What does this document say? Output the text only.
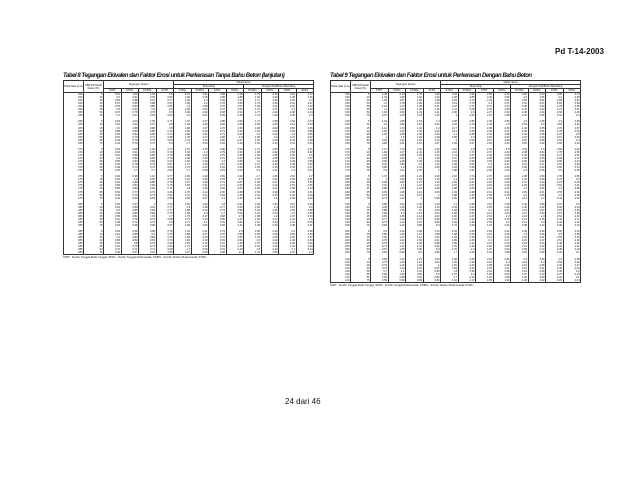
Pd T-14-2003
Tabel 8 Tegangan Ekivalen dan Faktor Erosi untuk Perkerasan Tanpa Bahu Beton (lanjutan)
Tebal Slab (mm)	CBR Eff Tanah Dasar (%)	Tegangan Setara				Faktor Erosi							
						Tanpa Ruji				Dengan Ruji/Beton Bertulang			
		STRT	STRG	STdRG	STRT	STRG	STdRG	STRT	STRG	STdRG	STRG	STRT	STRG
260	5	0.61	1.03	1.54	0.8	2.21	2.41	2.88	2.18	1.79	2.43	2.93	2.77
260	10	0.6	0.91	0.93	0.83	1.99	2.26	2.88	1.88	1.66	2.39	2.45	2.45
260	15	0.59	0.88	0.97	0.77	1.93	2.2	2.81	1.97	1.71	2.36	2.65	2.4
260	20	0.57	0.86	0.88	0.67	1.96	2.2	2.78	2.65	1.79	2.33	2.61	2.67
260	25	0.53	0.84	0.86	0.65	1.9	2.08	2.75	2.57	1.65	2.31	2.61	2.53
260	35	0.5	0.64	0.8	0.6	1.86	2.04	2.72	2.54	1.72	2.27	2.5	2.49
260	50	0.47	0.76	0.78	0.5	1.82	2.03	2.68	2.52	1.77	2.23	2.48	2.44
260	75	0.4	0.61	0.63	0.54	1.9	2.01	2.63	2.49	1.72	2.19	2.45	2.4

265	5	0.63	1.03	1.05	0.77	1.97	2.37	2.85	2.66	1.71	2.38	2.64	2.74
265	10	0.61	0.92	0.97	0.8	1.92	2.33	2.81	2.65	1.65	2.33	2.61	2.64
265	15	0.6	0.88	0.88	0.8	1.88	2.27	2.76	2.59	1.68	2.29	2.56	2.65
265	20	0.58	0.86	0.85	0.76	1.83	2.23	2.73	2.54	1.63	2.26	2.53	2.58
265	25	0.54	0.84	0.82	0.72	1.82	2.21	2.71	2.52	1.6	2.24	2.5	2.56
265	35	0.51	0.79	0.77	0.68	1.78	2.17	2.68	2.5	1.56	2.2	2.47	2.52
265	50	0.49	0.76	0.75	0.63	1.74	2.13	2.65	2.47	1.54	2.16	2.44	2.48
265	75	0.44	0.72	0.72	0.6	1.7	2.09	2.62	2.44	1.51	2.12	2.41	2.45

270	5	0.63	0.98	1.02	0.77	1.97	2.35	2.82	2.63	1.71	2.36	2.63	2.71
270	10	0.62	0.91	0.93	0.79	1.92	2.3	2.79	2.61	1.68	2.32	2.59	2.62
270	15	0.61	0.88	0.86	0.79	1.88	2.26	2.75	2.58	1.66	2.28	2.55	2.6
270	20	0.6	0.86	0.84	0.76	1.84	2.22	2.72	2.54	1.63	2.25	2.52	2.57
270	25	0.55	0.84	0.82	0.72	1.81	2.19	2.7	2.52	1.6	2.22	2.49	2.55
270	35	0.52	0.78	0.76	0.67	1.77	2.15	2.67	2.49	1.57	2.19	2.46	2.52
270	50	0.49	0.74	0.74	0.62	1.73	2.12	2.64	2.46	1.53	2.15	2.43	2.47
270	75	0.45	0.7	0.7	0.59	1.7	2.08	2.61	2.43	1.5	2.11	2.4	2.43

275	5	0.64	0.98	1.01	0.77	1.96	2.33	2.81	2.62	1.7	2.35	2.62	2.7
275	10	0.62	0.9	0.92	0.78	1.91	2.29	2.78	2.6	1.67	2.31	2.58	2.61
275	15	0.61	0.86	0.85	0.78	1.87	2.25	2.74	2.57	1.65	2.27	2.54	2.59
275	20	0.59	0.84	0.83	0.75	1.83	2.21	2.71	2.53	1.62	2.24	2.51	2.56
275	25	0.55	0.82	0.81	0.71	1.8	2.18	2.69	2.51	1.59	2.21	2.48	2.54
275	35	0.52	0.77	0.75	0.66	1.76	2.14	2.66	2.48	1.56	2.18	2.45	2.51
275	50	0.49	0.73	0.73	0.61	1.72	2.11	2.63	2.45	1.52	2.14	2.42	2.46
275	75	0.44	0.69	0.69	0.58	1.69	2.07	2.6	2.42	1.49	2.1	2.39	2.42

280	5	0.64	0.97	1	0.76	1.95	2.32	2.8	2.61	1.69	2.34	2.61	2.69
280	10	0.62	0.89	0.91	0.77	1.9	2.28	2.77	2.59	1.66	2.3	2.57	2.6
280	15	0.6	0.85	0.84	0.77	1.86	2.24	2.73	2.56	1.64	2.26	2.53	2.58
280	20	0.59	0.83	0.82	0.74	1.82	2.2	2.7	2.52	1.61	2.23	2.5	2.55
280	25	0.55	0.81	0.8	0.7	1.79	2.17	2.68	2.5	1.58	2.2	2.47	2.53
280	35	0.51	0.76	0.74	0.65	1.75	2.13	2.65	2.47	1.55	2.17	2.44	2.5
280	50	0.48	0.72	0.72	0.6	1.71	2.1	2.62	2.44	1.51	2.13	2.41	2.45
280	75	0.44	0.68	0.68	0.57	1.68	2.06	2.59	2.41	1.48	2.09	2.38	2.41

285	5	0.63	0.96	0.99	0.75	1.94	2.31	2.79	2.6	1.68	2.33	2.6	2.68
285	10	0.61	0.88	0.9	0.76	1.89	2.27	2.76	2.58	1.65	2.29	2.56	2.59
285	15	0.6	0.84	0.83	0.76	1.85	2.23	2.72	2.55	1.63	2.25	2.52	2.57
285	20	0.58	0.82	0.81	0.73	1.81	2.19	2.69	2.51	1.6	2.22	2.49	2.54
285	25	0.54	0.8	0.79	0.69	1.78	2.16	2.67	2.49	1.57	2.19	2.46	2.52
285	35	0.51	0.75	0.73	0.64	1.74	2.12	2.64	2.46	1.54	2.16	2.43	2.49
285	50	0.47	0.71	0.71	0.59	1.7	2.09	2.61	2.43	1.5	2.12	2.4	2.44
285	75	0.43	0.67	0.67	0.56	1.67	2.05	2.58	2.4	1.47	2.08	2.37	2.4
STRT : Sumbu Tunggal Roda Tunggal; STRG : Sumbu Tunggal Roda Ganda; STdRG : Sumbu Tandem Roda Ganda; STRG : ..
Tabel 9 Tegangan Ekivalen dan Faktor Erosi untuk Perkerasan Dengan Bahu Beton
Tebal Slab (mm)	CBR Eff Tanah Dasar (%)	Tegangan Setara				Faktor Erosi							
						Tanpa Ruji				Dengan Ruji/Beton Bertulang			
		STRT	STRG	STdRG	STRT	STRG	STdRG	STRT	STRG	STdRG	STRG	STRT	STRG
150	5	1.42	2.13	1.75	1.49	2.34	2.92	2.55	2.62	2.66	2.72	2.96	2.74
150	10	1.32	1.99	1.62	1.43	2.28	2.85	2.49	2.56	2.6	2.66	2.9	2.68
150	15	1.25	1.87	1.55	1.38	2.23	2.79	2.44	2.51	2.55	2.61	2.85	2.63
150	20	1.2	1.78	1.49	1.34	2.19	2.75	2.4	2.47	2.51	2.57	2.81	2.59
150	25	1.16	1.72	1.45	1.31	2.16	2.71	2.37	2.44	2.48	2.54	2.78	2.56
150	35	1.1	1.63	1.38	1.26	2.11	2.66	2.32	2.39	2.43	2.49	2.73	2.51
150	50	1.04	1.54	1.31	1.21	2.06	2.6	2.27	2.34	2.38	2.44	2.68	2.46
150	75	0.97	1.43	1.23	1.15	2	2.53	2.21	2.28	2.32	2.38	2.62	2.4

160	5	1.29	1.95	1.63	1.4	2.28	2.86	2.49	2.56	2.6	2.66	2.9	2.68
160	10	1.2	1.82	1.51	1.34	2.22	2.79	2.43	2.5	2.54	2.6	2.84	2.62
160	15	1.14	1.72	1.44	1.3	2.17	2.73	2.38	2.45	2.49	2.55	2.79	2.57
160	20	1.09	1.64	1.39	1.26	2.13	2.69	2.34	2.41	2.45	2.51	2.75	2.53
160	25	1.05	1.58	1.35	1.23	2.1	2.65	2.31	2.38	2.42	2.48	2.72	2.5
160	35	1	1.5	1.29	1.18	2.05	2.6	2.26	2.33	2.37	2.43	2.67	2.45
160	50	0.94	1.41	1.22	1.13	2	2.54	2.21	2.28	2.32	2.38	2.62	2.4
160	75	0.88	1.31	1.14	1.07	1.94	2.47	2.15	2.22	2.26	2.32	2.56	2.34

170	5	1.17	1.79	1.52	1.32	2.22	2.8	2.43	2.5	2.54	2.6	2.84	2.62
170	10	1.09	1.67	1.41	1.26	2.16	2.73	2.37	2.44	2.48	2.54	2.78	2.56
170	15	1.04	1.58	1.35	1.22	2.11	2.67	2.32	2.39	2.43	2.49	2.73	2.51
170	20	0.99	1.51	1.3	1.18	2.07	2.63	2.28	2.35	2.39	2.45	2.69	2.47
170	25	0.96	1.45	1.26	1.15	2.04	2.59	2.25	2.32	2.36	2.42	2.66	2.44
170	35	0.91	1.38	1.2	1.11	1.99	2.54	2.2	2.27	2.31	2.37	2.61	2.39
170	50	0.86	1.3	1.14	1.06	1.94	2.48	2.15	2.22	2.26	2.32	2.56	2.34
170	75	0.8	1.21	1.07	1	1.88	2.41	2.09	2.16	2.2	2.26	2.5	2.28

180	5	1.07	1.65	1.43	1.25	2.16	2.74	2.37	2.44	2.48	2.54	2.78	2.56
180	10	1	1.54	1.33	1.19	2.1	2.67	2.31	2.38	2.42	2.48	2.72	2.5
180	15	0.95	1.46	1.27	1.15	2.05	2.61	2.26	2.33	2.37	2.43	2.67	2.45
180	20	0.91	1.4	1.22	1.12	2.01	2.57	2.22	2.29	2.33	2.39	2.63	2.41
180	25	0.88	1.35	1.18	1.09	1.98	2.53	2.19	2.26	2.3	2.36	2.6	2.38
180	35	0.83	1.28	1.13	1.05	1.93	2.48	2.14	2.21	2.25	2.31	2.55	2.33
180	50	0.79	1.21	1.07	1	1.88	2.42	2.09	2.16	2.2	2.26	2.5	2.28
180	75	0.73	1.12	1	0.95	1.82	2.35	2.03	2.1	2.14	2.2	2.44	2.22

190	5	0.98	1.53	1.35	1.19	2.1	2.68	2.31	2.38	2.42	2.48	2.72	2.5
190	10	0.92	1.43	1.26	1.13	2.04	2.61	2.25	2.32	2.36	2.42	2.66	2.44
190	15	0.88	1.36	1.2	1.09	1.99	2.55	2.2	2.27	2.31	2.37	2.61	2.39
190	20	0.84	1.3	1.15	1.06	1.95	2.51	2.16	2.23	2.27	2.33	2.57	2.35
190	25	0.81	1.25	1.12	1.03	1.92	2.47	2.13	2.2	2.24	2.3	2.54	2.32
190	35	0.77	1.19	1.07	0.99	1.87	2.42	2.08	2.15	2.19	2.25	2.49	2.27
190	50	0.73	1.12	1.01	0.95	1.82	2.36	2.03	2.1	2.14	2.2	2.44	2.22
190	75	0.68	1.04	0.95	0.9	1.76	2.29	1.97	2.04	2.08	2.14	2.38	2.16

200	5	0.9	1.42	1.28	1.14	2.04	2.62	2.25	2.32	2.36	2.42	2.66	2.44
200	10	0.85	1.33	1.19	1.08	1.98	2.55	2.19	2.26	2.3	2.36	2.6	2.38
200	15	0.81	1.27	1.14	1.04	1.93	2.49	2.14	2.21	2.25	2.31	2.55	2.33
200	20	0.78	1.21	1.09	1.01	1.89	2.45	2.1	2.17	2.21	2.27	2.51	2.29
200	25	0.75	1.17	1.06	0.98	1.86	2.41	2.07	2.14	2.18	2.24	2.48	2.26
200	35	0.71	1.11	1.01	0.94	1.81	2.36	2.02	2.09	2.13	2.19	2.43	2.21
200	50	0.67	1.05	0.96	0.9	1.76	2.3	1.97	2.04	2.08	2.14	2.38	2.16
200	75	0.63	0.98	0.9	0.86	1.7	2.23	1.91	1.98	2.02	2.08	2.32	2.1

210	5	0.84	1.33	1.21	1.09	1.98	2.56	2.19	2.26	2.3	2.36	2.6	2.38
210	10	0.79	1.25	1.13	1.04	1.92	2.49	2.13	2.2	2.24	2.3	2.54	2.32
210	15	0.75	1.19	1.08	1	1.87	2.43	2.08	2.15	2.19	2.25	2.49	2.27
210	20	0.72	1.14	1.04	0.97	1.83	2.39	2.04	2.11	2.15	2.21	2.45	2.23
210	25	0.7	1.1	1.01	0.94	1.8	2.35	2.01	2.08	2.12	2.18	2.42	2.2
210	35	0.66	1.04	0.96	0.9	1.75	2.3	1.96	2.03	2.07	2.13	2.37	2.15
210	50	0.63	0.98	0.91	0.86	1.7	2.24	1.91	1.98	2.02	2.08	2.32	2.1
210	75	0.59	0.92	0.86	0.82	1.64	2.17	1.85	1.92	1.96	2.02	2.26	2.04
STRT : Sumbu Tunggal Roda Tunggal; STRG : Sumbu Tunggal Roda Ganda; STdRG : Sumbu Tandem Roda Ganda; STRG : ..
24 dari 46
